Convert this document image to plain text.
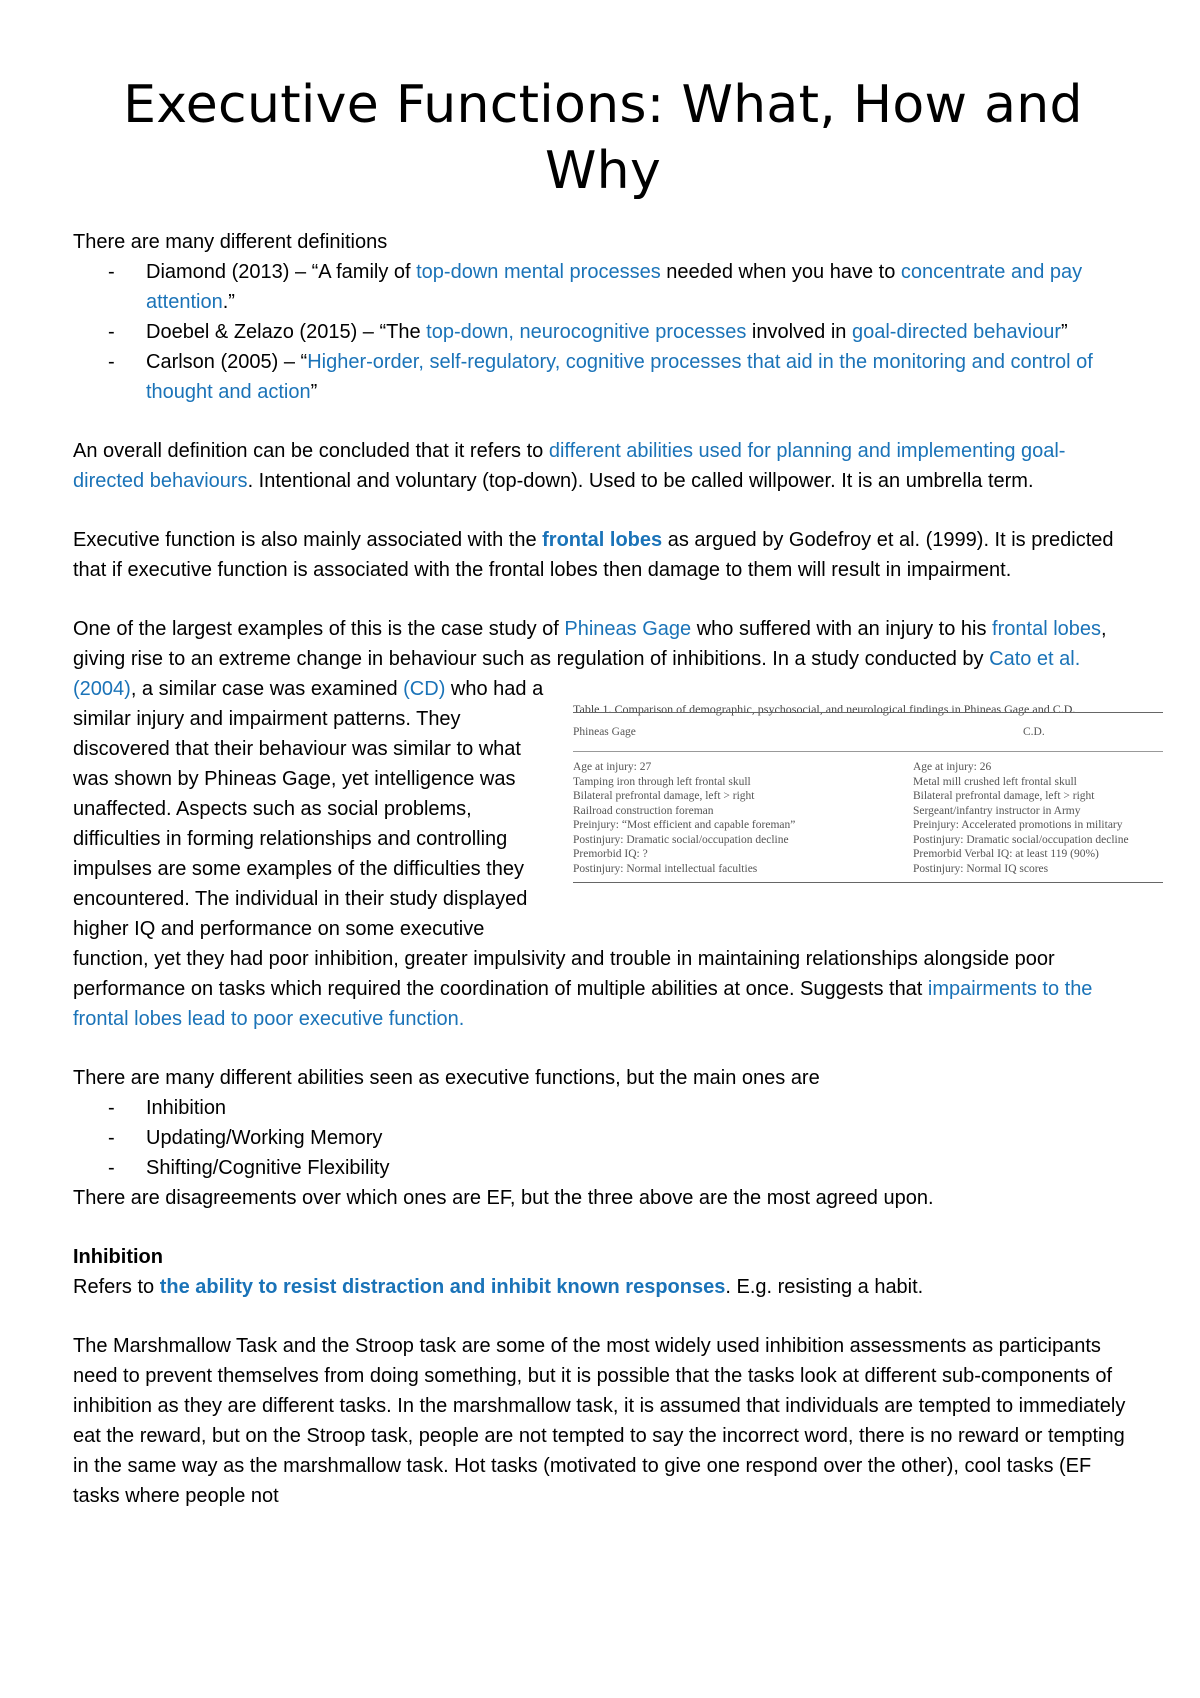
Executive Functions: What, How and Why

There are many different definitions

- Diamond (2013) – “A family of top-down mental processes needed when you have to concentrate and pay attention.”
- Doebel & Zelazo (2015) – “The top-down, neurocognitive processes involved in goal-directed behaviour”
- Carlson (2005) – “Higher-order, self-regulatory, cognitive processes that aid in the monitoring and control of thought and action”

An overall definition can be concluded that it refers to different abilities used for planning and implementing goal-directed behaviours. Intentional and voluntary (top-down). Used to be called willpower. It is an umbrella term.

Executive function is also mainly associated with the frontal lobes as argued by Godefroy et al. (1999). It is predicted that if executive function is associated with the frontal lobes then damage to them will result in impairment.

One of the largest examples of this is the case study of Phineas Gage who suffered with an injury to his frontal lobes, giving rise to an extreme change in behaviour such as regulation of inhibitions. In a study conducted by Cato et al. (2004), a similar case was examined (CD)
Table 1. Comparison of demographic, psychosocial, and neurological findings in Phineas Gage and C.D.
Phineas Gage	C.D.
Age at injury: 27	Age at injury: 26
Tamping iron through left frontal skull	Metal mill crushed left frontal skull
Bilateral prefrontal damage, left > right	Bilateral prefrontal damage, left > right
Railroad construction foreman	Sergeant/infantry instructor in Army
Preinjury: “Most efficient and capable foreman”	Preinjury: Accelerated promotions in military
Postinjury: Dramatic social/occupation decline	Postinjury: Dramatic social/occupation decline
Premorbid IQ: ?	Premorbid Verbal IQ: at least 119 (90%)
Postinjury: Normal intellectual faculties	Postinjury: Normal IQ scores
who had a similar injury and impairment patterns. They discovered that their behaviour was similar to what was shown by Phineas Gage, yet intelligence was unaffected. Aspects such as social problems, difficulties in forming relationships and controlling impulses are some examples of the difficulties they encountered. The individual in their study displayed higher IQ and performance on some executive function, yet they had poor inhibition, greater impulsivity and trouble in maintaining relationships alongside poor performance on tasks which required the coordination of multiple abilities at once. Suggests that impairments to the frontal lobes lead to poor executive function.

There are many different abilities seen as executive functions, but the main ones are

- Inhibition
- Updating/Working Memory
- Shifting/Cognitive Flexibility

There are disagreements over which ones are EF, but the three above are the most agreed upon.

Inhibition

Refers to the ability to resist distraction and inhibit known responses. E.g. resisting a habit.

The Marshmallow Task and the Stroop task are some of the most widely used inhibition assessments as participants need to prevent themselves from doing something, but it is possible that the tasks look at different sub-components of inhibition as they are different tasks. In the marshmallow task, it is assumed that individuals are tempted to immediately eat the reward, but on the Stroop task, people are not tempted to say the incorrect word, there is no reward or tempting in the same way as the marshmallow task. Hot tasks (motivated to give one respond over the other), cool tasks (EF tasks where people not
